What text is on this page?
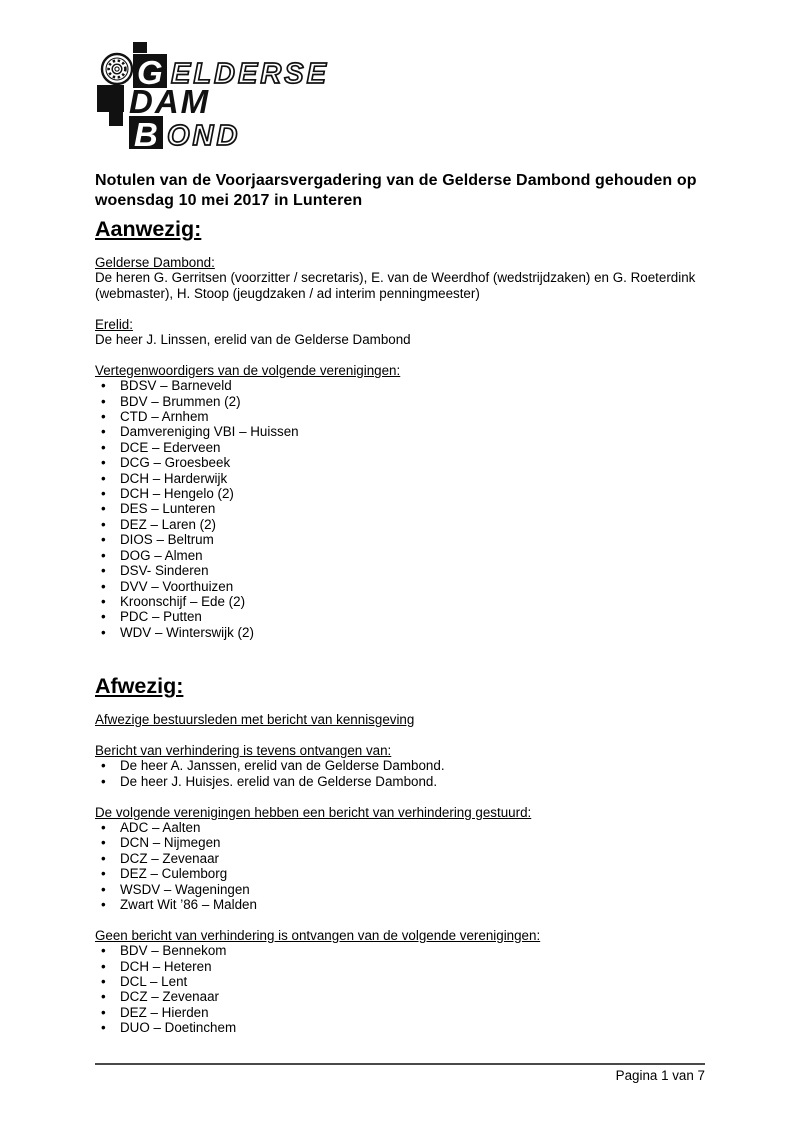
G ELDERSE
DAM
B OND
Notulen van de Voorjaarsvergadering van de Gelderse Dambond gehouden op woensdag 10 mei 2017 in Lunteren
Aanwezig:

Gelderse Dambond:
De heren G. Gerritsen (voorzitter / secretaris), E. van de Weerdhof (wedstrijdzaken) en G. Roeterdink (webmaster), H. Stoop (jeugdzaken / ad interim penningmeester)

Erelid:
De heer J. Linssen, erelid van de Gelderse Dambond

Vertegenwoordigers van de volgende verenigingen:

• BDSV – Barneveld
• BDV – Brummen (2)
• CTD – Arnhem
• Damvereniging VBI – Huissen
• DCE – Ederveen
• DCG – Groesbeek
• DCH – Harderwijk
• DCH – Hengelo (2)
• DES – Lunteren
• DEZ – Laren (2)
• DIOS – Beltrum
• DOG – Almen
• DSV- Sinderen
• DVV – Voorthuizen
• Kroonschijf – Ede (2)
• PDC – Putten
• WDV – Winterswijk (2)
Afwezig:

Afwezige bestuursleden met bericht van kennisgeving

Bericht van verhindering is tevens ontvangen van:

• De heer A. Janssen, erelid van de Gelderse Dambond.
• De heer J. Huisjes. erelid van de Gelderse Dambond.

De volgende verenigingen hebben een bericht van verhindering gestuurd:

• ADC – Aalten
• DCN – Nijmegen
• DCZ – Zevenaar
• DEZ – Culemborg
• WSDV – Wageningen
• Zwart Wit ’86 – Malden

Geen bericht van verhindering is ontvangen van de volgende verenigingen:

• BDV – Bennekom
• DCH – Heteren
• DCL – Lent
• DCZ – Zevenaar
• DEZ – Hierden
• DUO – Doetinchem
Pagina 1 van 7
